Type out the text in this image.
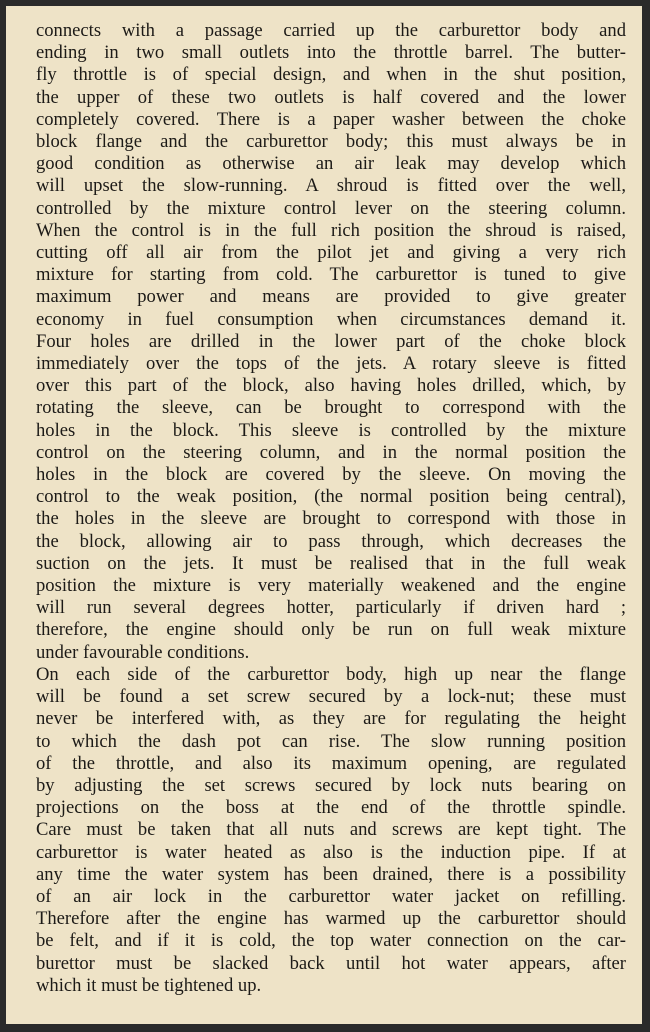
connects with a passage carried up the carburettor body and
ending in two small outlets into the throttle barrel. The butter-
fly throttle is of special design, and when in the shut position,
the upper of these two outlets is half covered and the lower
completely covered. There is a paper washer between the choke
block flange and the carburettor body; this must always be in
good condition as otherwise an air leak may develop which
will upset the slow-running. A shroud is fitted over the well,
controlled by the mixture control lever on the steering column.
When the control is in the full rich position the shroud is raised,
cutting off all air from the pilot jet and giving a very rich
mixture for starting from cold. The carburettor is tuned to give
maximum power and means are provided to give greater
economy in fuel consumption when circumstances demand it.
Four holes are drilled in the lower part of the choke block
immediately over the tops of the jets. A rotary sleeve is fitted
over this part of the block, also having holes drilled, which, by
rotating the sleeve, can be brought to correspond with the
holes in the block. This sleeve is controlled by the mixture
control on the steering column, and in the normal position the
holes in the block are covered by the sleeve. On moving the
control to the weak position, (the normal position being central),
the holes in the sleeve are brought to correspond with those in
the block, allowing air to pass through, which decreases the
suction on the jets. It must be realised that in the full weak
position the mixture is very materially weakened and the engine
will run several degrees hotter, particularly if driven hard ;
therefore, the engine should only be run on full weak mixture
under favourable conditions.

On each side of the carburettor body, high up near the flange
will be found a set screw secured by a lock-nut; these must
never be interfered with, as they are for regulating the height
to which the dash pot can rise. The slow running position
of the throttle, and also its maximum opening, are regulated
by adjusting the set screws secured by lock nuts bearing on
projections on the boss at the end of the throttle spindle.
Care must be taken that all nuts and screws are kept tight. The
carburettor is water heated as also is the induction pipe. If at
any time the water system has been drained, there is a possibility
of an air lock in the carburettor water jacket on refilling.
Therefore after the engine has warmed up the carburettor should
be felt, and if it is cold, the top water connection on the car-
burettor must be slacked back until hot water appears, after
which it must be tightened up.
